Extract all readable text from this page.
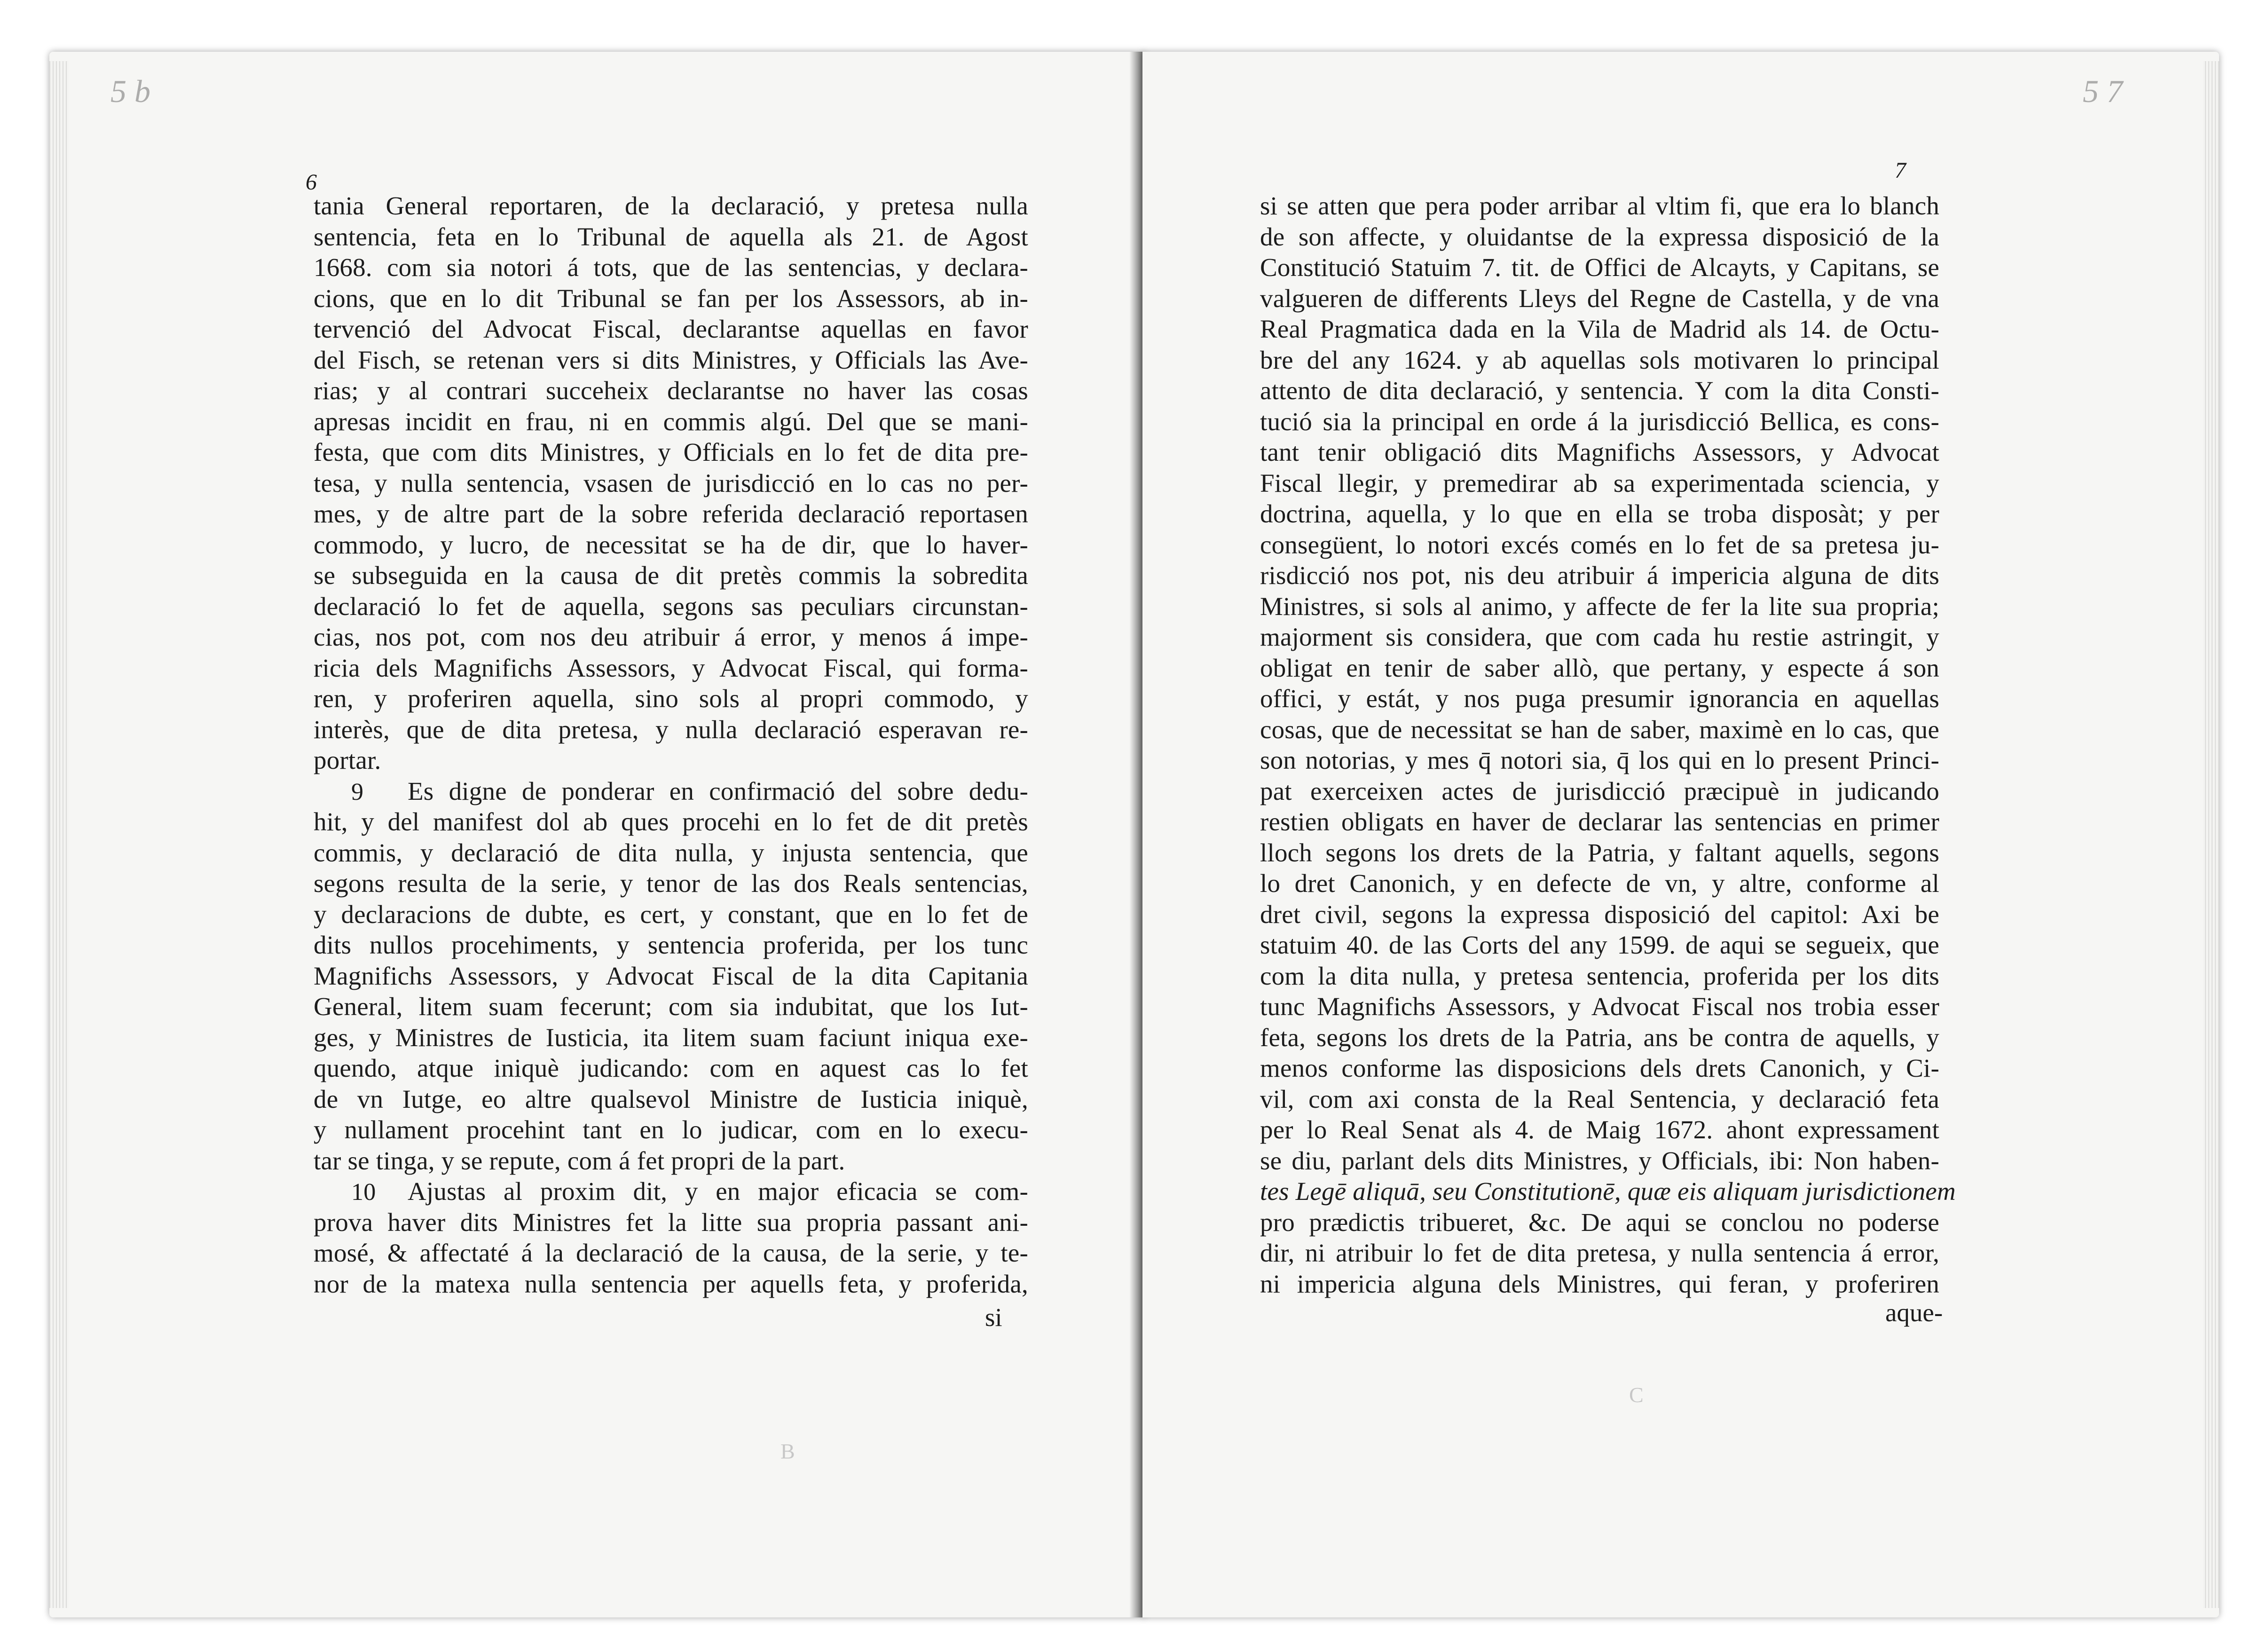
5 b
6
tania General reportaren, de la declaració, y pretesa nulla
sentencia, feta en lo Tribunal de aquella als 21. de Agost
1668. com sia notori á tots, que de las sentencias, y declara-
cions, que en lo dit Tribunal se fan per los Assessors, ab in-
tervenció del Advocat Fiscal, declarantse aquellas en favor
del Fisch, se retenan vers si dits Ministres, y Officials las Ave-
rias; y al contrari succeheix declarantse no haver las cosas
apresas incidit en frau, ni en commis algú. Del que se mani-
festa, que com dits Ministres, y Officials en lo fet de dita pre-
tesa, y nulla sentencia, vsasen de jurisdicció en lo cas no per-
mes, y de altre part de la sobre referida declaració reportasen
commodo, y lucro, de necessitat se ha de dir, que lo haver-
se subseguida en la causa de dit pretès commis la sobredita
declaració lo fet de aquella, segons sas peculiars circunstan-
cias, nos pot, com nos deu atribuir á error, y menos á impe-
ricia dels Magnifichs Assessors, y Advocat Fiscal, qui forma-
ren, y proferiren aquella, sino sols al propri commodo, y
interès, que de dita pretesa, y nulla declaració esperavan re-
portar.
9 Es digne de ponderar en confirmació del sobre dedu-
hit, y del manifest dol ab ques procehi en lo fet de dit pretès
commis, y declaració de dita nulla, y injusta sentencia, que
segons resulta de la serie, y tenor de las dos Reals sentencias,
y declaracions de dubte, es cert, y constant, que en lo fet de
dits nullos procehiments, y sentencia proferida, per los tunc
Magnifichs Assessors, y Advocat Fiscal de la dita Capitania
General, litem suam fecerunt; com sia indubitat, que los Iut-
ges, y Ministres de Iusticia, ita litem suam faciunt iniqua exe-
quendo, atque iniquè judicando: com en aquest cas lo fet
de vn Iutge, eo altre qualsevol Ministre de Iusticia iniquè,
y nullament procehint tant en lo judicar, com en lo execu-
tar se tinga, y se repute, com á fet propri de la part.
10 Ajustas al proxim dit, y en major eficacia se com-
prova haver dits Ministres fet la litte sua propria passant ani-
mosé, & affectaté á la declaració de la causa, de la serie, y te-
nor de la matexa nulla sentencia per aquells feta, y proferida,
si
B
5 7
7
si se atten que pera poder arribar al vltim fi, que era lo blanch
de son affecte, y oluidantse de la expressa disposició de la
Constitució Statuim 7. tit. de Offici de Alcayts, y Capitans, se
valgueren de differents Lleys del Regne de Castella, y de vna
Real Pragmatica dada en la Vila de Madrid als 14. de Octu-
bre del any 1624. y ab aquellas sols motivaren lo principal
attento de dita declaració, y sentencia. Y com la dita Consti-
tució sia la principal en orde á la jurisdicció Bellica, es cons-
tant tenir obligació dits Magnifichs Assessors, y Advocat
Fiscal llegir, y premedirar ab sa experimentada sciencia, y
doctrina, aquella, y lo que en ella se troba disposàt; y per
consegüent, lo notori excés comés en lo fet de sa pretesa ju-
risdicció nos pot, nis deu atribuir á impericia alguna de dits
Ministres, si sols al animo, y affecte de fer la lite sua propria;
majorment sis considera, que com cada hu restie astringit, y
obligat en tenir de saber allò, que pertany, y especte á son
offici, y estát, y nos puga presumir ignorancia en aquellas
cosas, que de necessitat se han de saber, maximè en lo cas, que
son notorias, y mes q̄ notori sia, q̄ los qui en lo present Princi-
pat exerceixen actes de jurisdicció præcipuè in judicando
restien obligats en haver de declarar las sentencias en primer
lloch segons los drets de la Patria, y faltant aquells, segons
lo dret Canonich, y en defecte de vn, y altre, conforme al
dret civil, segons la expressa disposició del capitol: Axi be
statuim 40. de las Corts del any 1599. de aqui se segueix, que
com la dita nulla, y pretesa sentencia, proferida per los dits
tunc Magnifichs Assessors, y Advocat Fiscal nos trobia esser
feta, segons los drets de la Patria, ans be contra de aquells, y
menos conforme las disposicions dels drets Canonich, y Ci-
vil, com axi consta de la Real Sentencia, y declaració feta
per lo Real Senat als 4. de Maig 1672. ahont expressament
se diu, parlant dels dits Ministres, y Officials, ibi: Non haben-
tes Legē aliquā, seu Constitutionē, quæ eis aliquam jurisdictionem
pro prædictis tribueret, &c. De aqui se conclou no poderse
dir, ni atribuir lo fet de dita pretesa, y nulla sentencia á error,
ni impericia alguna dels Ministres, qui feran, y proferiren
aque-
C
